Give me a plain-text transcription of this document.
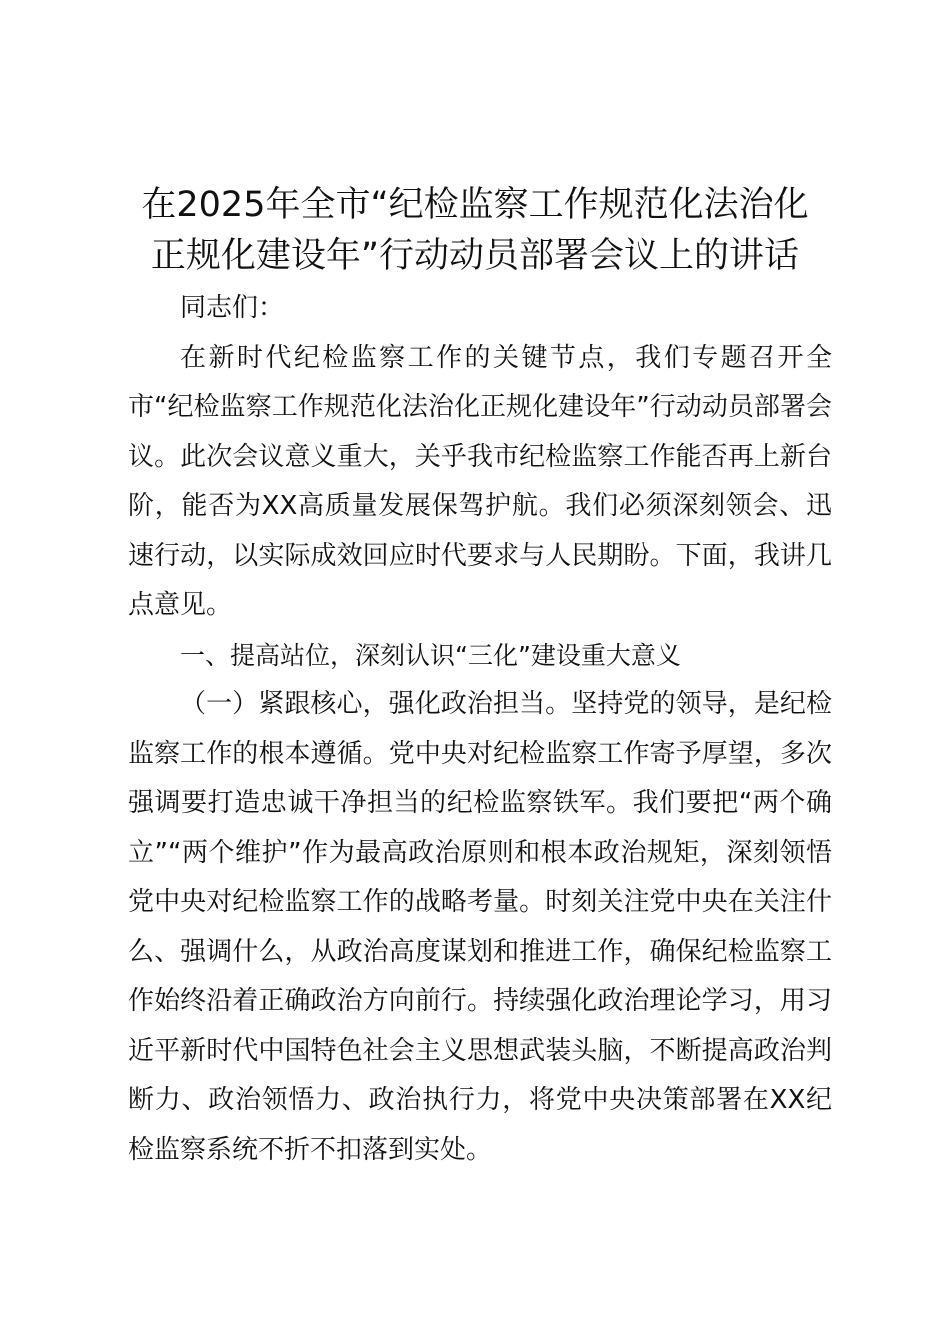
在2025年全市“纪检监察工作规范化法治化
正规化建设年”行动动员部署会议上的讲话

同志们：

在新时代纪检监察工作的关键节点，我们专题召开全市“纪检监察工作规范化法治化正规化建设年”行动动员部署会议。此次会议意义重大，关乎我市纪检监察工作能否再上新台阶，能否为XX高质量发展保驾护航。我们必须深刻领会、迅速行动，以实际成效回应时代要求与人民期盼。下面，我讲几点意见。

一、提高站位，深刻认识“三化”建设重大意义

（一）紧跟核心，强化政治担当。坚持党的领导，是纪检监察工作的根本遵循。党中央对纪检监察工作寄予厚望，多次强调要打造忠诚干净担当的纪检监察铁军。我们要把“两个确立”“两个维护”作为最高政治原则和根本政治规矩，深刻领悟党中央对纪检监察工作的战略考量。时刻关注党中央在关注什么、强调什么，从政治高度谋划和推进工作，确保纪检监察工作始终沿着正确政治方向前行。持续强化政治理论学习，用习近平新时代中国特色社会主义思想武装头脑，不断提高政治判断力、政治领悟力、政治执行力，将党中央决策部署在XX纪检监察系统不折不扣落到实处。
